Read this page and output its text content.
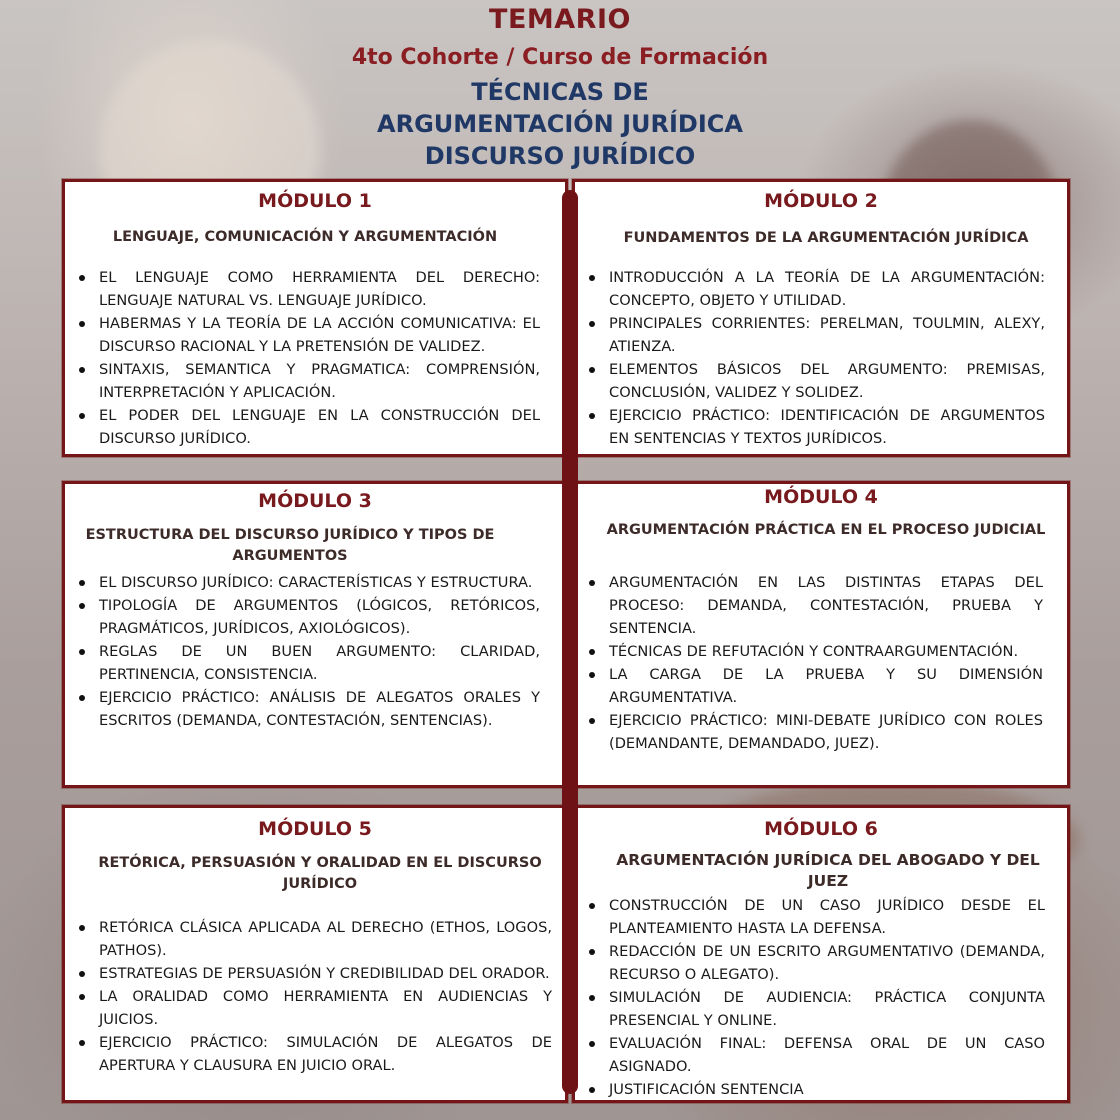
TEMARIO
4to Cohorte / Curso de Formación
TÉCNICAS DE
ARGUMENTACIÓN JURÍDICA
DISCURSO JURÍDICO
MÓDULO 1
LENGUAJE, COMUNICACIÓN Y ARGUMENTACIÓN
EL LENGUAJE COMO HERRAMIENTA DEL DERECHO: LENGUAJE NATURAL VS. LENGUAJE JURÍDICO.
HABERMAS Y LA TEORÍA DE LA ACCIÓN COMUNICATIVA: EL DISCURSO RACIONAL Y LA PRETENSIÓN DE VALIDEZ.
SINTAXIS, SEMANTICA Y PRAGMATICA: COMPRENSIÓN, INTERPRETACIÓN Y APLICACIÓN.
EL PODER DEL LENGUAJE EN LA CONSTRUCCIÓN DEL DISCURSO JURÍDICO.
MÓDULO 2
FUNDAMENTOS DE LA ARGUMENTACIÓN JURÍDICA
INTRODUCCIÓN A LA TEORÍA DE LA ARGUMENTACIÓN: CONCEPTO, OBJETO Y UTILIDAD.
PRINCIPALES CORRIENTES: PERELMAN, TOULMIN, ALEXY, ATIENZA.
ELEMENTOS BÁSICOS DEL ARGUMENTO: PREMISAS, CONCLUSIÓN, VALIDEZ Y SOLIDEZ.
EJERCICIO PRÁCTICO: IDENTIFICACIÓN DE ARGUMENTOS EN SENTENCIAS Y TEXTOS JURÍDICOS.
MÓDULO 3
ESTRUCTURA DEL DISCURSO JURÍDICO Y TIPOS DE ARGUMENTOS
EL DISCURSO JURÍDICO: CARACTERÍSTICAS Y ESTRUCTURA.
TIPOLOGÍA DE ARGUMENTOS (LÓGICOS, RETÓRICOS, PRAGMÁTICOS, JURÍDICOS, AXIOLÓGICOS).
REGLAS DE UN BUEN ARGUMENTO: CLARIDAD, PERTINENCIA, CONSISTENCIA.
EJERCICIO PRÁCTICO: ANÁLISIS DE ALEGATOS ORALES Y ESCRITOS (DEMANDA, CONTESTACIÓN, SENTENCIAS).
MÓDULO 4
ARGUMENTACIÓN PRÁCTICA EN EL PROCESO JUDICIAL
ARGUMENTACIÓN EN LAS DISTINTAS ETAPAS DEL PROCESO: DEMANDA, CONTESTACIÓN, PRUEBA Y SENTENCIA.
TÉCNICAS DE REFUTACIÓN Y CONTRAARGUMENTACIÓN.
LA CARGA DE LA PRUEBA Y SU DIMENSIÓN ARGUMENTATIVA.
EJERCICIO PRÁCTICO: MINI-DEBATE JURÍDICO CON ROLES (DEMANDANTE, DEMANDADO, JUEZ).
MÓDULO 5
RETÓRICA, PERSUASIÓN Y ORALIDAD EN EL DISCURSO JURÍDICO
RETÓRICA CLÁSICA APLICADA AL DERECHO (ETHOS, LOGOS, PATHOS).
ESTRATEGIAS DE PERSUASIÓN Y CREDIBILIDAD DEL ORADOR.
LA ORALIDAD COMO HERRAMIENTA EN AUDIENCIAS Y JUICIOS.
EJERCICIO PRÁCTICO: SIMULACIÓN DE ALEGATOS DE APERTURA Y CLAUSURA EN JUICIO ORAL.
MÓDULO 6
ARGUMENTACIÓN JURÍDICA DEL ABOGADO Y DEL JUEZ
CONSTRUCCIÓN DE UN CASO JURÍDICO DESDE EL PLANTEAMIENTO HASTA LA DEFENSA.
REDACCIÓN DE UN ESCRITO ARGUMENTATIVO (DEMANDA, RECURSO O ALEGATO).
SIMULACIÓN DE AUDIENCIA: PRÁCTICA CONJUNTA PRESENCIAL Y ONLINE.
EVALUACIÓN FINAL: DEFENSA ORAL DE UN CASO ASIGNADO.
JUSTIFICACIÓN SENTENCIA
